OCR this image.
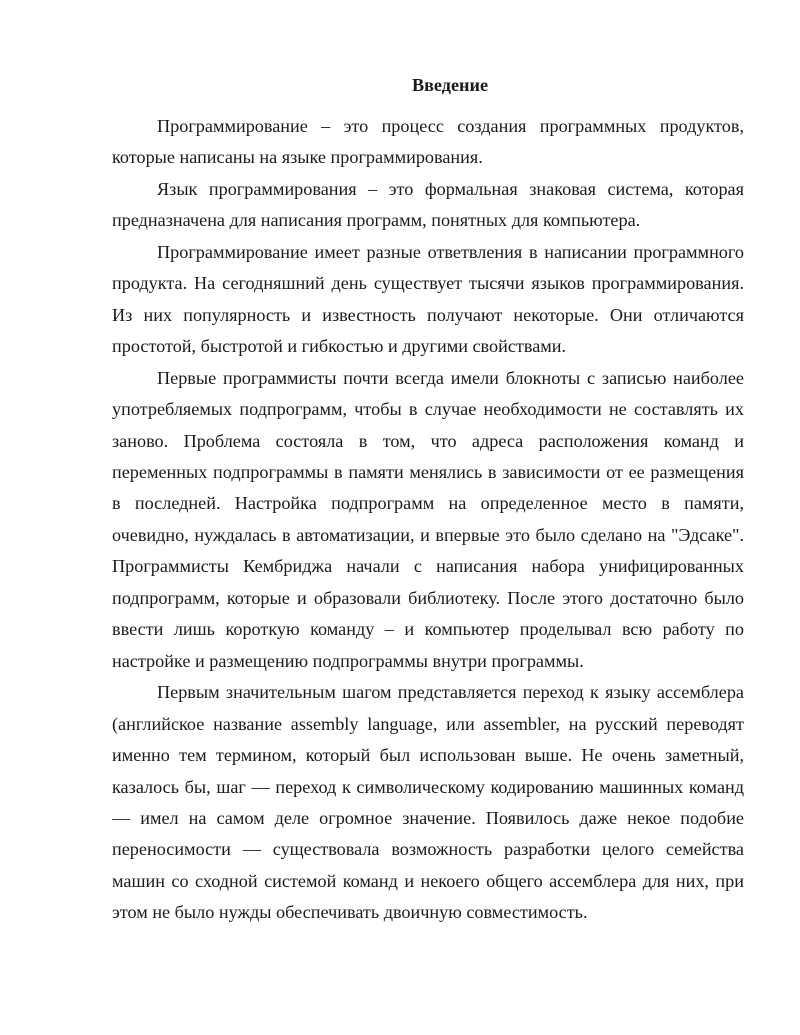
Введение

Программирование – это процесс создания программных продуктов, которые написаны на языке программирования.

Язык программирования – это формальная знаковая система, которая предназначена для написания программ, понятных для компьютера.

Программирование имеет разные ответвления в написании программного продукта. На сегодняшний день существует тысячи языков программирования. Из них популярность и известность получают некоторые. Они отличаются простотой, быстротой и гибкостью и другими свойствами.

Первые программисты почти всегда имели блокноты с записью наиболее употребляемых подпрограмм, чтобы в случае необходимости не составлять их заново. Проблема состояла в том, что адреса расположения команд и переменных подпрограммы в памяти менялись в зависимости от ее размещения в последней. Настройка подпрограмм на определенное место в памяти, очевидно, нуждалась в автоматизации, и впервые это было сделано на "Эдсаке". Программисты Кембриджа начали с написания набора унифицированных подпрограмм, которые и образовали библиотеку. После этого достаточно было ввести лишь короткую команду – и компьютер проделывал всю работу по настройке и размещению подпрограммы внутри программы.

Первым значительным шагом представляется переход к языку ассемблера (английское название assembly language, или assembler, на русский переводят именно тем термином, который был использован выше. Не очень заметный, казалось бы, шаг — переход к символическому кодированию машинных команд — имел на самом деле огромное значение. Появилось даже некое подобие переносимости — существовала возможность разработки целого семейства машин со сходной системой команд и некоего общего ассемблера для них, при этом не было нужды обеспечивать двоичную совместимость.
